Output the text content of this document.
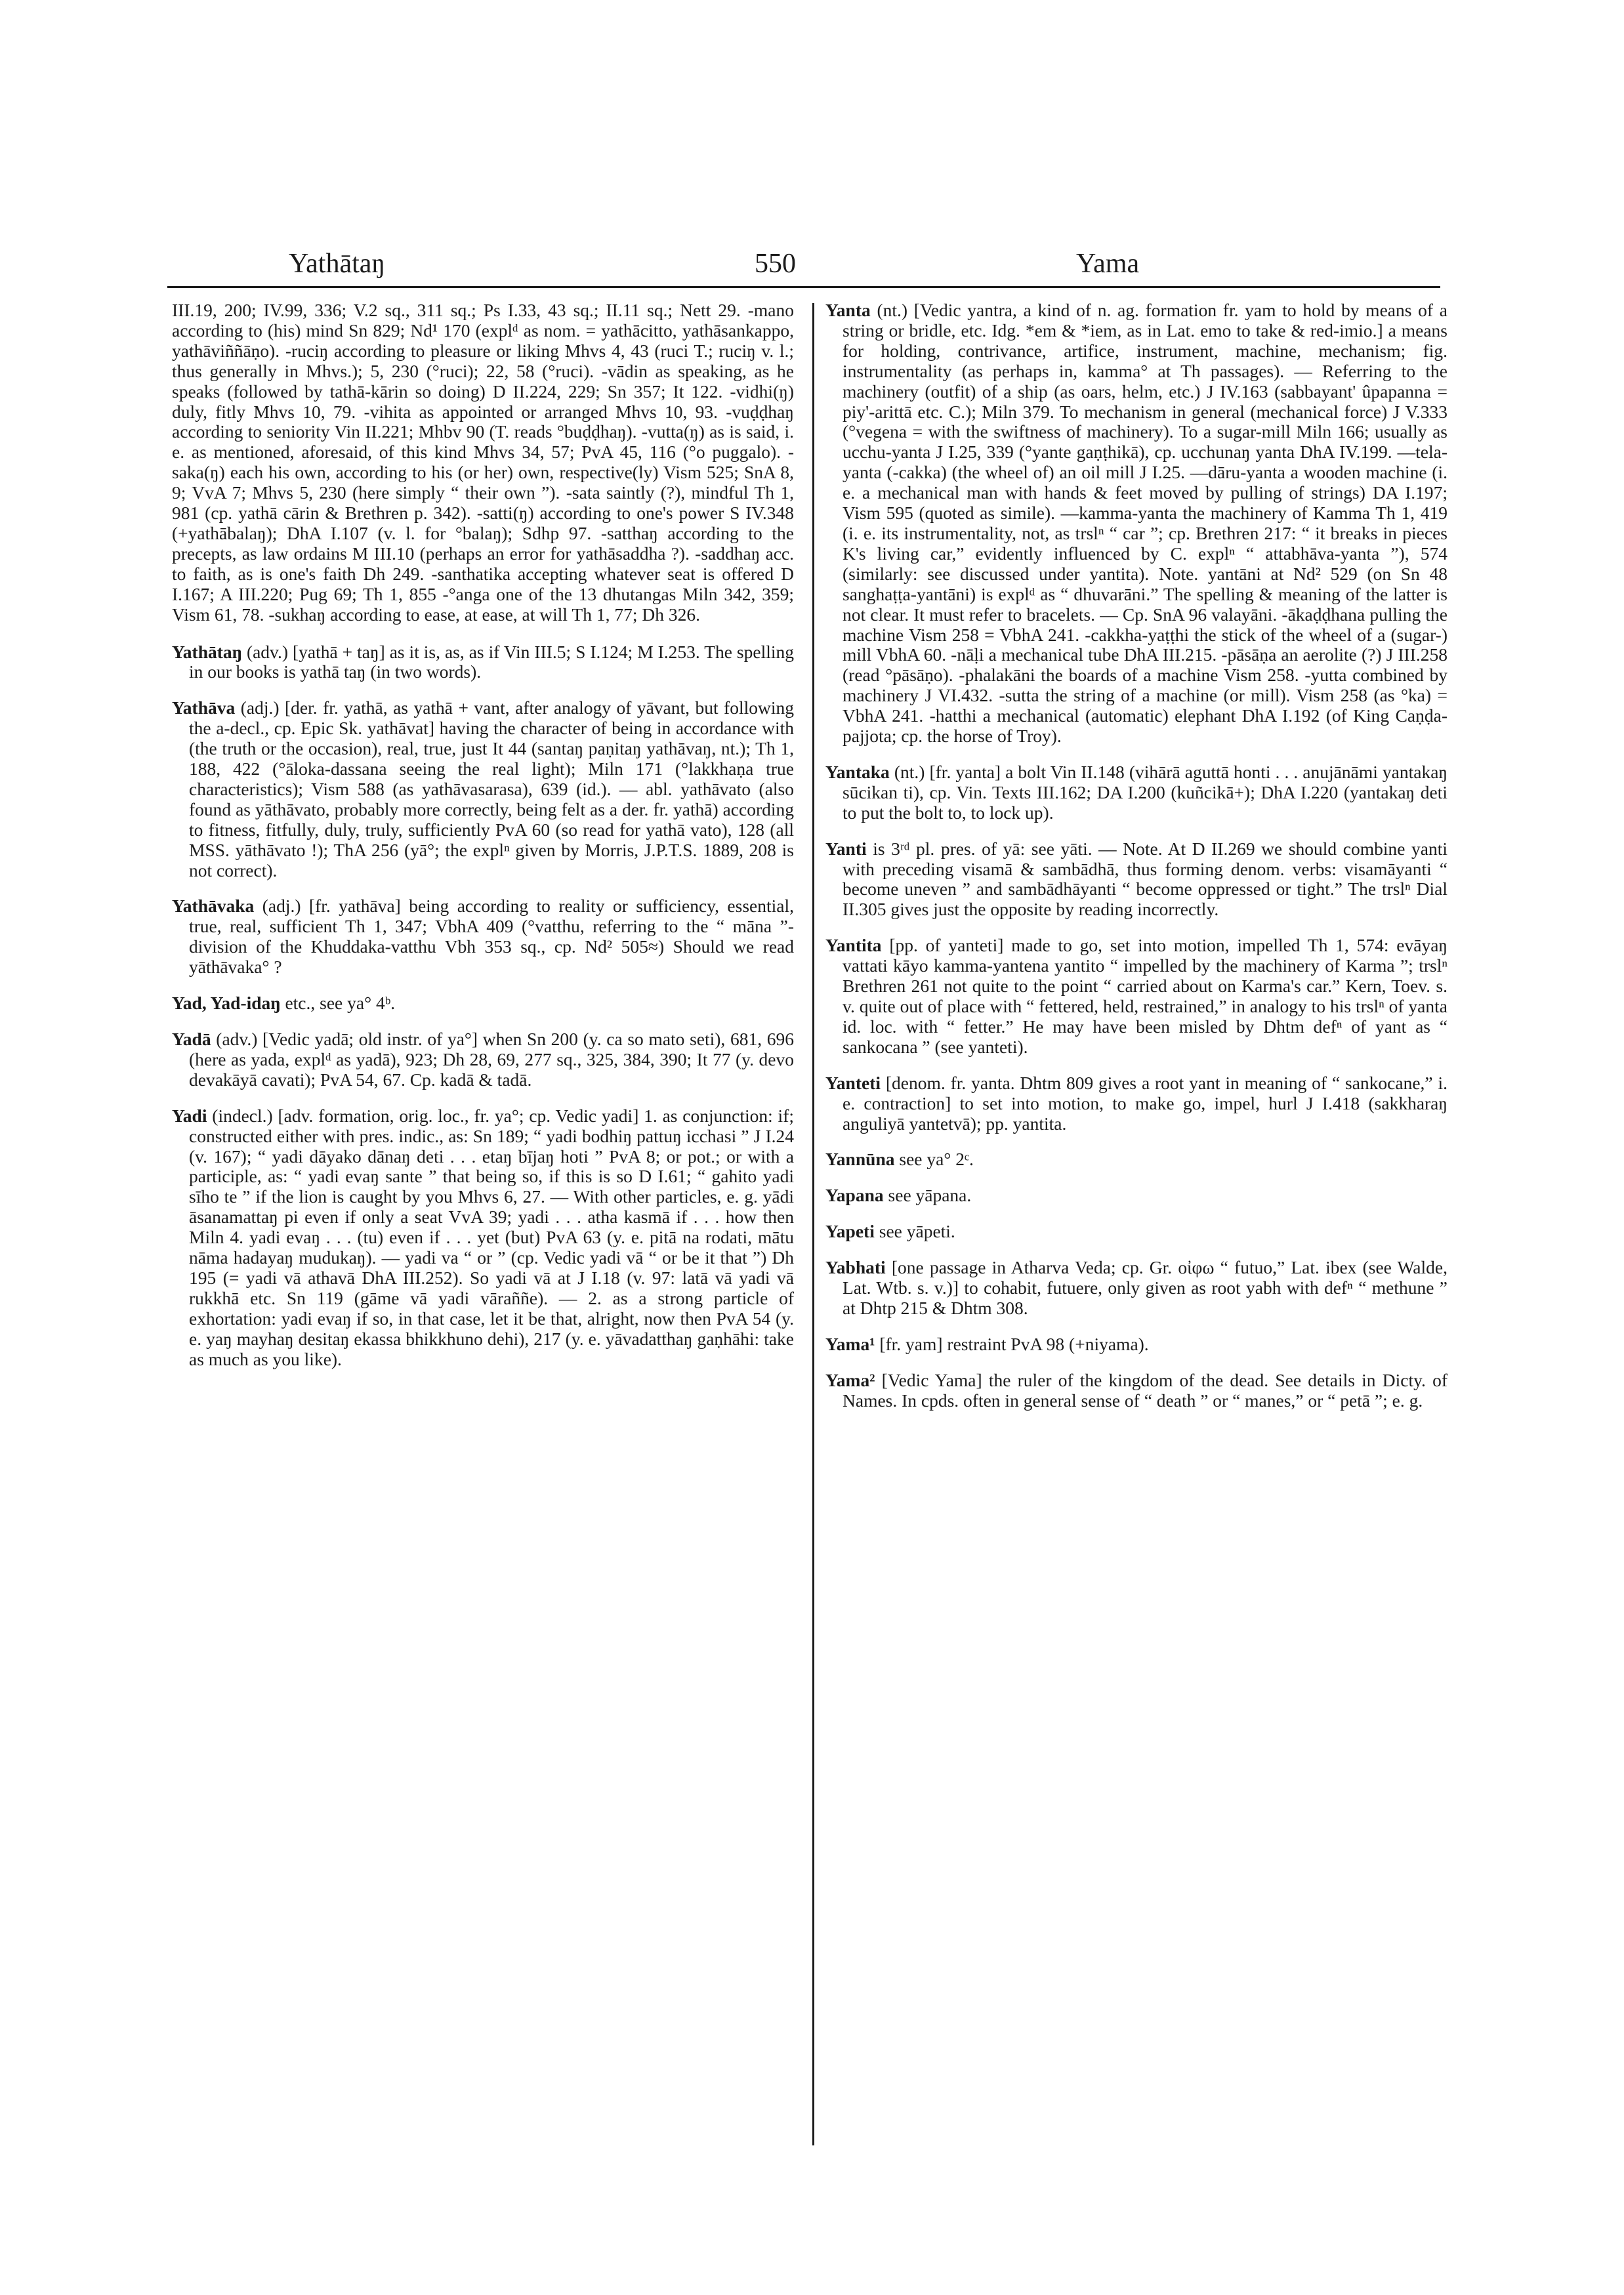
Yathātaŋ	550	Yama

III.19, 200; IV.99, 336; V.2 sq., 311 sq.; Ps I.33, 43 sq.; II.11 sq.; Nett 29. -mano according to (his) mind Sn 829; Nd¹ 170 (explᵈ as nom. = yathācitto, yathāsankappo, yathāviññāṇo). -ruciŋ according to pleasure or liking Mhvs 4, 43 (ruci T.; ruciŋ v. l.; thus generally in Mhvs.); 5, 230 (°ruci); 22, 58 (°ruci). -vādin as speaking, as he speaks (followed by tathā-kārin so doing) D II.224, 229; Sn 357; It 122. -vidhi(ŋ) duly, fitly Mhvs 10, 79. -vihita as appointed or arranged Mhvs 10, 93. -vuḍḍhaŋ according to seniority Vin II.221; Mhbv 90 (T. reads °buḍḍhaŋ). -vutta(ŋ) as is said, i. e. as mentioned, aforesaid, of this kind Mhvs 34, 57; PvA 45, 116 (°o puggalo). -saka(ŋ) each his own, according to his (or her) own, respective(ly) Vism 525; SnA 8, 9; VvA 7; Mhvs 5, 230 (here simply “ their own ”). -sata saintly (?), mindful Th 1, 981 (cp. yathā cārin & Brethren p. 342). -satti(ŋ) according to one's power S IV.348 (+yathābalaŋ); DhA I.107 (v. l. for °balaŋ); Sdhp 97. -satthaŋ according to the precepts, as law ordains M III.10 (perhaps an error for yathāsaddha ?). -saddhaŋ acc. to faith, as is one's faith Dh 249. -santhatika accepting whatever seat is offered D I.167; A III.220; Pug 69; Th 1, 855 -°anga one of the 13 dhutangas Miln 342, 359; Vism 61, 78. -sukhaŋ according to ease, at ease, at will Th 1, 77; Dh 326.

Yathātaŋ (adv.) [yathā + taŋ] as it is, as, as if Vin III.5; S I.124; M I.253. The spelling in our books is yathā taŋ (in two words).

Yathāva (adj.) [der. fr. yathā, as yathā + vant, after analogy of yāvant, but following the a-decl., cp. Epic Sk. yathāvat] having the character of being in accordance with (the truth or the occasion), real, true, just It 44 (santaŋ paṇitaŋ yathāvaŋ, nt.); Th 1, 188, 422 (°āloka-dassana seeing the real light); Miln 171 (°lakkhaṇa true characteristics); Vism 588 (as yathāvasarasa), 639 (id.). — abl. yathāvato (also found as yāthāvato, probably more correctly, being felt as a der. fr. yathā) according to fitness, fitfully, duly, truly, sufficiently PvA 60 (so read for yathā vato), 128 (all MSS. yāthāvato !); ThA 256 (yā°; the explⁿ given by Morris, J.P.T.S. 1889, 208 is not correct).

Yathāvaka (adj.) [fr. yathāva] being according to reality or sufficiency, essential, true, real, sufficient Th 1, 347; VbhA 409 (°vatthu, referring to the “ māna ”-division of the Khuddaka-vatthu Vbh 353 sq., cp. Nd² 505≈) Should we read yāthāvaka° ?

Yad, Yad-idaŋ etc., see ya° 4ᵇ.

Yadā (adv.) [Vedic yadā; old instr. of ya°] when Sn 200 (y. ca so mato seti), 681, 696 (here as yada, explᵈ as yadā), 923; Dh 28, 69, 277 sq., 325, 384, 390; It 77 (y. devo devakāyā cavati); PvA 54, 67. Cp. kadā & tadā.

Yadi (indecl.) [adv. formation, orig. loc., fr. ya°; cp. Vedic yadi] 1. as conjunction: if; constructed either with pres. indic., as: Sn 189; “ yadi bodhiŋ pattuŋ icchasi ” J I.24 (v. 167); “ yadi dāyako dānaŋ deti . . . etaŋ bījaŋ hoti ” PvA 8; or pot.; or with a participle, as: “ yadi evaŋ sante ” that being so, if this is so D I.61; “ gahito yadi sīho te ” if the lion is caught by you Mhvs 6, 27. — With other particles, e. g. yādi āsanamattaŋ pi even if only a seat VvA 39; yadi . . . atha kasmā if . . . how then Miln 4. yadi evaŋ . . . (tu) even if . . . yet (but) PvA 63 (y. e. pitā na rodati, mātu nāma hadayaŋ mudukaŋ). — yadi va “ or ” (cp. Vedic yadi vā “ or be it that ”) Dh 195 (= yadi vā athavā DhA III.252). So yadi vā at J I.18 (v. 97: latā vā yadi vā rukkhā etc. Sn 119 (gāme vā yadi vāraññe). — 2. as a strong particle of exhortation: yadi evaŋ if so, in that case, let it be that, alright, now then PvA 54 (y. e. yaŋ mayhaŋ desitaŋ ekassa bhikkhuno dehi), 217 (y. e. yāvadatthaŋ gaṇhāhi: take as much as you like).

Yanta (nt.) [Vedic yantra, a kind of n. ag. formation fr. yam to hold by means of a string or bridle, etc. Idg. *em & *iem, as in Lat. emo to take & red-imio.] a means for holding, contrivance, artifice, instrument, machine, mechanism; fig. instrumentality (as perhaps in, kamma° at Th passages). — Referring to the machinery (outfit) of a ship (as oars, helm, etc.) J IV.163 (sabbayant' ûpapanna = piy'-arittā etc. C.); Miln 379. To mechanism in general (mechanical force) J V.333 (°vegena = with the swiftness of machinery). To a sugar-mill Miln 166; usually as ucchu-yanta J I.25, 339 (°yante gaṇṭhikā), cp. ucchunaŋ yanta DhA IV.199. —tela-yanta (-cakka) (the wheel of) an oil mill J I.25. —dāru-yanta a wooden machine (i. e. a mechanical man with hands & feet moved by pulling of strings) DA I.197; Vism 595 (quoted as simile). —kamma-yanta the machinery of Kamma Th 1, 419 (i. e. its instrumentality, not, as trslⁿ “ car ”; cp. Brethren 217: “ it breaks in pieces K's living car,” evidently influenced by C. explⁿ “ attabhāva-yanta ”), 574 (similarly: see discussed under yantita). Note. yantāni at Nd² 529 (on Sn 48 sanghaṭṭa-yantāni) is explᵈ as “ dhuvarāni.” The spelling & meaning of the latter is not clear. It must refer to bracelets. — Cp. SnA 96 valayāni. -ākaḍḍhana pulling the machine Vism 258 = VbhA 241. -cakkha-yaṭṭhi the stick of the wheel of a (sugar-) mill VbhA 60. -nāḷi a mechanical tube DhA III.215. -pāsāṇa an aerolite (?) J III.258 (read °pāsāṇo). -phalakāni the boards of a machine Vism 258. -yutta combined by machinery J VI.432. -sutta the string of a machine (or mill). Vism 258 (as °ka) = VbhA 241. -hatthi a mechanical (automatic) elephant DhA I.192 (of King Caṇḍa-pajjota; cp. the horse of Troy).

Yantaka (nt.) [fr. yanta] a bolt Vin II.148 (vihārā aguttā honti . . . anujānāmi yantakaŋ sūcikan ti), cp. Vin. Texts III.162; DA I.200 (kuñcikā+); DhA I.220 (yantakaŋ deti to put the bolt to, to lock up).

Yanti is 3ʳᵈ pl. pres. of yā: see yāti. — Note. At D II.269 we should combine yanti with preceding visamā & sambādhā, thus forming denom. verbs: visamāyanti “ become uneven ” and sambādhāyanti “ become oppressed or tight.” The trslⁿ Dial II.305 gives just the opposite by reading incorrectly.

Yantita [pp. of yanteti] made to go, set into motion, impelled Th 1, 574: evāyaŋ vattati kāyo kamma-yantena yantito “ impelled by the machinery of Karma ”; trslⁿ Brethren 261 not quite to the point “ carried about on Karma's car.” Kern, Toev. s. v. quite out of place with “ fettered, held, restrained,” in analogy to his trslⁿ of yanta id. loc. with “ fetter.” He may have been misled by Dhtm defⁿ of yant as “ sankocana ” (see yanteti).

Yanteti [denom. fr. yanta. Dhtm 809 gives a root yant in meaning of “ sankocane,” i. e. contraction] to set into motion, to make go, impel, hurl J I.418 (sakkharaŋ anguliyā yantetvā); pp. yantita.

Yannūna see ya° 2ᶜ.

Yapana see yāpana.

Yapeti see yāpeti.

Yabhati [one passage in Atharva Veda; cp. Gr. οἰφω “ futuo,” Lat. ibex (see Walde, Lat. Wtb. s. v.)] to cohabit, futuere, only given as root yabh with defⁿ “ methune ” at Dhtp 215 & Dhtm 308.

Yama¹ [fr. yam] restraint PvA 98 (+niyama).

Yama² [Vedic Yama] the ruler of the kingdom of the dead. See details in Dicty. of Names. In cpds. often in general sense of “ death ” or “ manes,” or “ petā ”; e. g.
